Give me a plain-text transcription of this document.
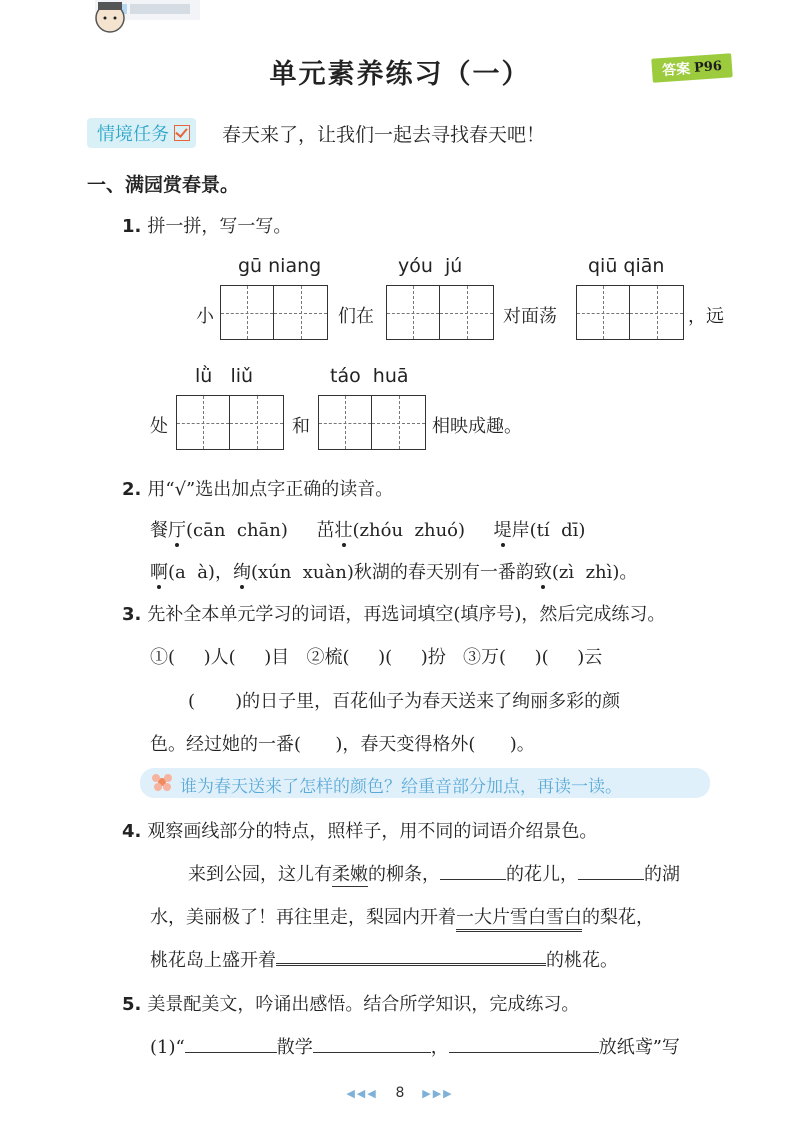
单元素养练习（一）	答案 P96
情境任务	春天来了，让我们一起去寻找春天吧！
一、满园赏春景。
1. 拼一拼，写一写。
gū niang	yóu  jú	qiū qiān
小	们在	对面荡	，远
lǜ   liǔ	táo  huā
处	和	相映成趣。
2. 用“√”选出加点字正确的读音。
餐厅(cān  chān) 茁壮(zhóu  zhuó) 堤岸(tí  dī)
啊(a  à)，绚(xún  xuàn)秋湖的春天别有一番韵致(zì  zhì)。
3. 先补全本单元学习的词语，再选词填空(填序号)，然后完成练习。
①(     )人(     )目   ②梳(     )(     )扮   ③万(     )(     )云
(       )的日子里，百花仙子为春天送来了绚丽多彩的颜
色。经过她的一番(      )，春天变得格外(      )。
谁为春天送来了怎样的颜色？给重音部分加点，再读一读。
4. 观察画线部分的特点，照样子，用不同的词语介绍景色。
来到公园，这儿有柔嫩的柳条，	的花儿，	的湖
水，美丽极了！再往里走，梨园内开着一大片雪白雪白的梨花，
桃花岛上盛开着	的桃花。
5. 美景配美文，吟诵出感悟。结合所学知识，完成练习。
(1)“	散学	，	放纸鸢”写
◀◀◀ 8 ▶▶▶
